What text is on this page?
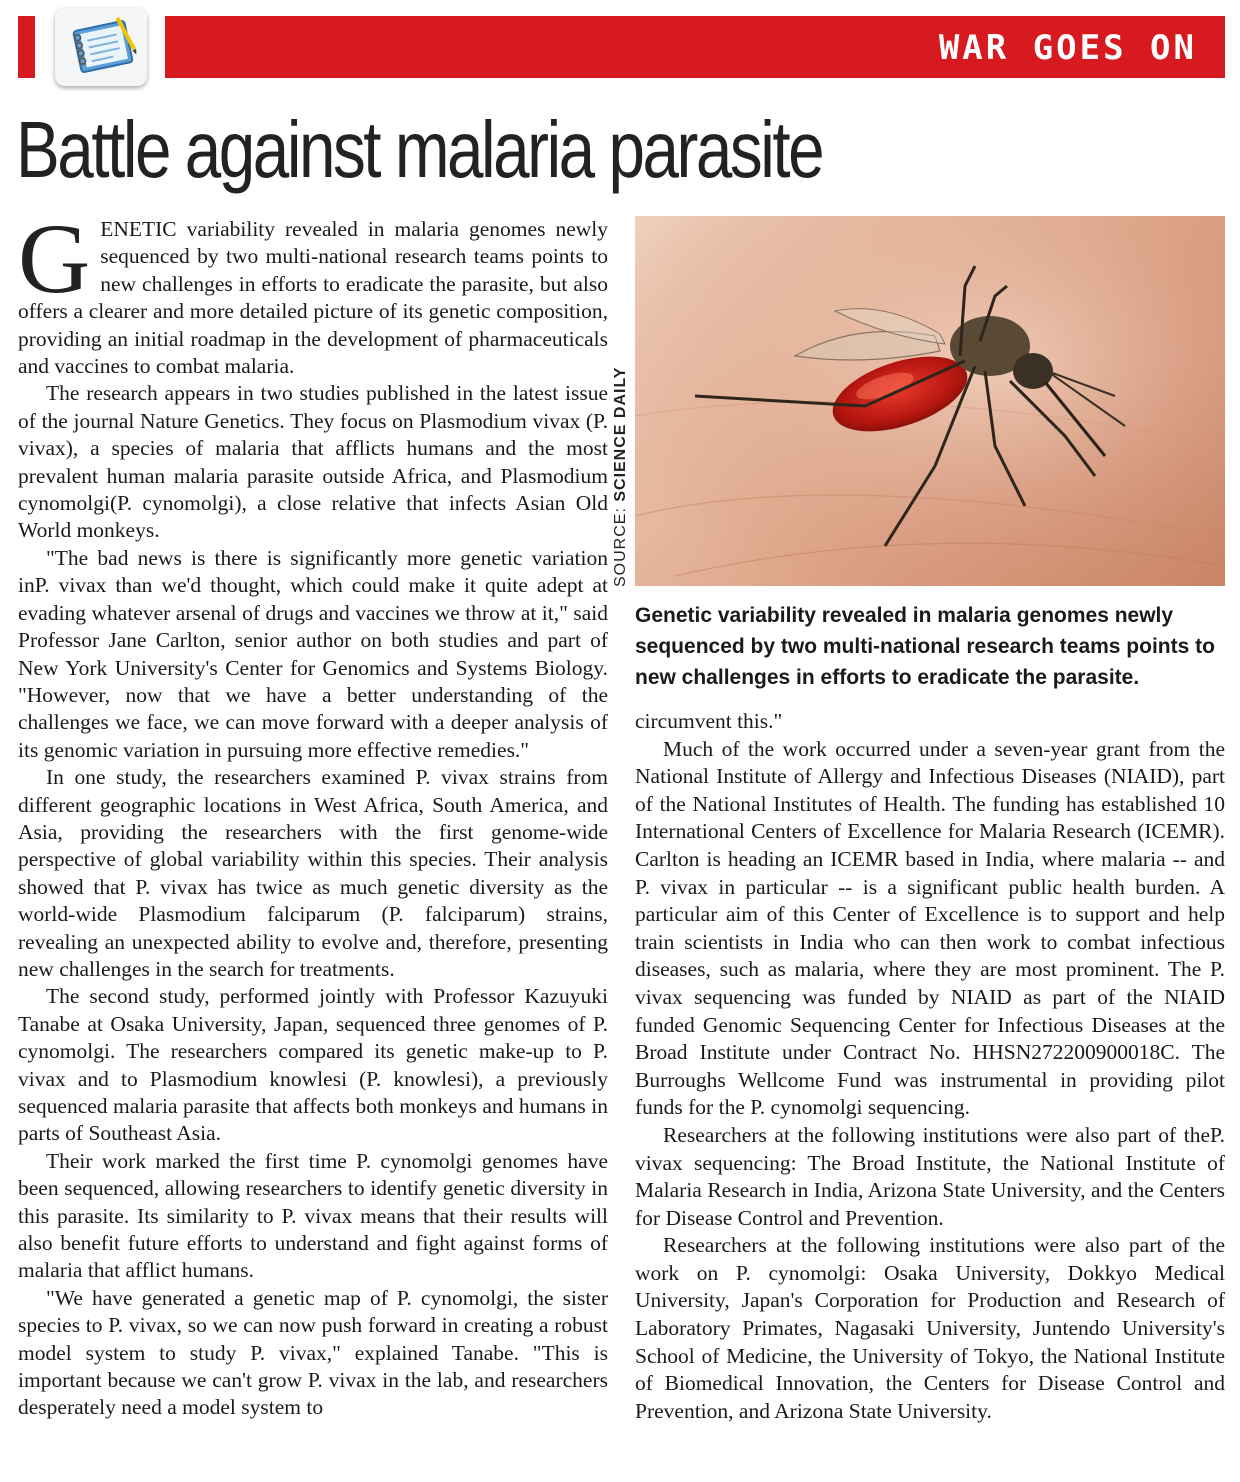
WAR GOES ON
Battle against malaria parasite

GENETIC variability revealed in malaria genomes newly sequenced by two multi-national research teams points to new challenges in efforts to eradicate the parasite, but also offers a clearer and more detailed picture of its genetic composition, providing an initial roadmap in the development of pharmaceuticals and vaccines to combat malaria.

The research appears in two studies published in the latest issue of the journal Nature Genetics. They focus on Plasmodium vivax (P. vivax), a species of malaria that afflicts humans and the most prevalent human malaria parasite outside Africa, and Plasmodium cynomolgi(P. cynomolgi), a close relative that infects Asian Old World monkeys.

"The bad news is there is significantly more genetic variation inP. vivax than we'd thought, which could make it quite adept at evading whatever arsenal of drugs and vaccines we throw at it," said Professor Jane Carlton, senior author on both studies and part of New York University's Center for Genomics and Systems Biology. "However, now that we have a better understanding of the challenges we face, we can move forward with a deeper analysis of its genomic variation in pursuing more effective remedies."

In one study, the researchers examined P. vivax strains from different geographic locations in West Africa, South America, and Asia, providing the researchers with the first genome-wide perspective of global variability within this species. Their analysis showed that P. vivax has twice as much genetic diversity as the world-wide Plasmodium falciparum (P. falciparum) strains, revealing an unexpected ability to evolve and, therefore, presenting new challenges in the search for treatments.

The second study, performed jointly with Professor Kazuyuki Tanabe at Osaka University, Japan, sequenced three genomes of P. cynomolgi. The researchers compared its genetic make-up to P. vivax and to Plasmodium knowlesi (P. knowlesi), a previously sequenced malaria parasite that affects both monkeys and humans in parts of Southeast Asia.

Their work marked the first time P. cynomolgi genomes have been sequenced, allowing researchers to identify genetic diversity in this parasite. Its similarity to P. vivax means that their results will also benefit future efforts to understand and fight against forms of malaria that afflict humans.

"We have generated a genetic map of P. cynomolgi, the sister species to P. vivax, so we can now push forward in creating a robust model system to study P. vivax," explained Tanabe. "This is important because we can't grow P. vivax in the lab, and researchers desperately need a model system to

SOURCE: SCIENCE DAILY
Genetic variability revealed in malaria genomes newly sequenced by two multi-national research teams points to new challenges in efforts to eradicate the parasite.

circumvent this."

Much of the work occurred under a seven-year grant from the National Institute of Allergy and Infectious Diseases (NIAID), part of the National Institutes of Health. The funding has established 10 International Centers of Excellence for Malaria Research (ICEMR). Carlton is heading an ICEMR based in India, where malaria -- and P. vivax in particular -- is a significant public health burden. A particular aim of this Center of Excellence is to support and help train scientists in India who can then work to combat infectious diseases, such as malaria, where they are most prominent. The P. vivax sequencing was funded by NIAID as part of the NIAID funded Genomic Sequencing Center for Infectious Diseases at the Broad Institute under Contract No. HHSN272200900018C. The Burroughs Wellcome Fund was instrumental in providing pilot funds for the P. cynomolgi sequencing.

Researchers at the following institutions were also part of theP. vivax sequencing: The Broad Institute, the National Institute of Malaria Research in India, Arizona State University, and the Centers for Disease Control and Prevention.

Researchers at the following institutions were also part of the work on P. cynomolgi: Osaka University, Dokkyo Medical University, Japan's Corporation for Production and Research of Laboratory Primates, Nagasaki University, Juntendo University's School of Medicine, the University of Tokyo, the National Institute of Biomedical Innovation, the Centers for Disease Control and Prevention, and Arizona State University.
